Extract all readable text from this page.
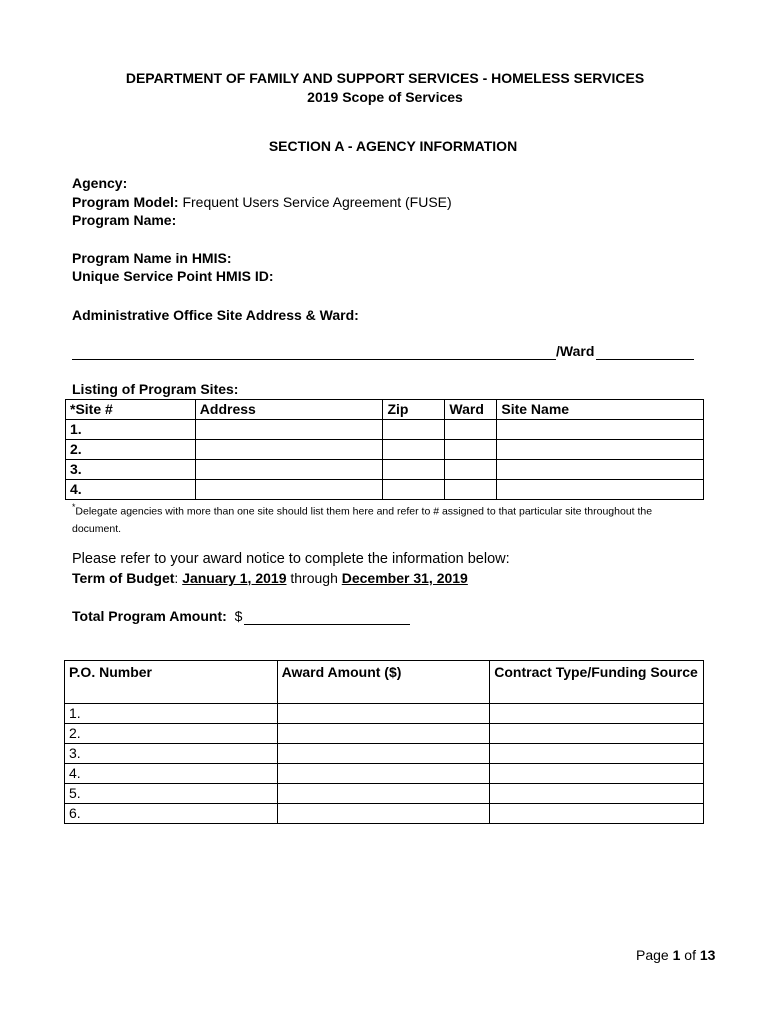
DEPARTMENT OF FAMILY AND SUPPORT SERVICES - HOMELESS SERVICES
2019 Scope of Services
SECTION A - AGENCY INFORMATION
Agency:
Program Model: Frequent Users Service Agreement (FUSE)
Program Name:
Program Name in HMIS:
Unique Service Point HMIS ID:
Administrative Office Site Address & Ward:
/Ward
Listing of Program Sites:
*Site #	Address	Zip	Ward	Site Name
1.				
2.				
3.				
4.				
*Delegate agencies with more than one site should list them here and refer to # assigned to that particular site throughout the document.
Please refer to your award notice to complete the information below:
Term of Budget: January 1, 2019 through December 31, 2019
Total Program Amount: $
P.O. Number	Award Amount ($)	Contract Type/Funding Source
1.		
2.		
3.		
4.		
5.		
6.		
Page 1 of 13
